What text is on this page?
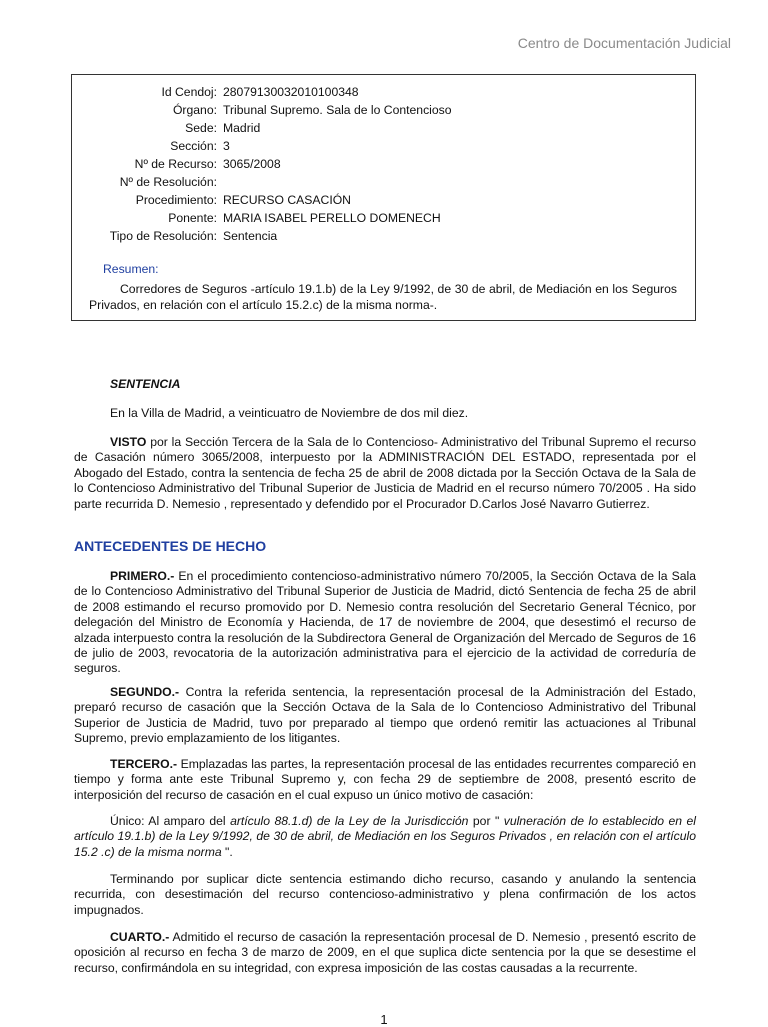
Centro de Documentación Judicial
Id Cendoj: 28079130032010100348
Órgano: Tribunal Supremo. Sala de lo Contencioso
Sede: Madrid
Sección: 3
Nº de Recurso: 3065/2008
Nº de Resolución:
Procedimiento: RECURSO CASACIÓN
Ponente: MARIA ISABEL PERELLO DOMENECH
Tipo de Resolución: Sentencia
Resumen:
Corredores de Seguros -artículo 19.1.b) de la Ley 9/1992, de 30 de abril, de Mediación en los Seguros Privados, en relación con el artículo 15.2.c) de la misma norma-.
SENTENCIA
En la Villa de Madrid, a veinticuatro de Noviembre de dos mil diez.
VISTO por la Sección Tercera de la Sala de lo Contencioso- Administrativo del Tribunal Supremo el recurso de Casación número 3065/2008, interpuesto por la ADMINISTRACIÓN DEL ESTADO, representada por el Abogado del Estado, contra la sentencia de fecha 25 de abril de 2008 dictada por la Sección Octava de la Sala de lo Contencioso Administrativo del Tribunal Superior de Justicia de Madrid en el recurso número 70/2005 . Ha sido parte recurrida D. Nemesio , representado y defendido por el Procurador D.Carlos José Navarro Gutierrez.
ANTECEDENTES DE HECHO
PRIMERO.- En el procedimiento contencioso-administrativo número 70/2005, la Sección Octava de la Sala de lo Contencioso Administrativo del Tribunal Superior de Justicia de Madrid, dictó Sentencia de fecha 25 de abril de 2008 estimando el recurso promovido por D. Nemesio contra resolución del Secretario General Técnico, por delegación del Ministro de Economía y Hacienda, de 17 de noviembre de 2004, que desestimó el recurso de alzada interpuesto contra la resolución de la Subdirectora General de Organización del Mercado de Seguros de 16 de julio de 2003, revocatoria de la autorización administrativa para el ejercicio de la actividad de correduría de seguros.
SEGUNDO.- Contra la referida sentencia, la representación procesal de la Administración del Estado, preparó recurso de casación que la Sección Octava de la Sala de lo Contencioso Administrativo del Tribunal Superior de Justicia de Madrid, tuvo por preparado al tiempo que ordenó remitir las actuaciones al Tribunal Supremo, previo emplazamiento de los litigantes.
TERCERO.- Emplazadas las partes, la representación procesal de las entidades recurrentes compareció en tiempo y forma ante este Tribunal Supremo y, con fecha 29 de septiembre de 2008, presentó escrito de interposición del recurso de casación en el cual expuso un único motivo de casación:
Único: Al amparo del artículo 88.1.d) de la Ley de la Jurisdicción por " vulneración de lo establecido en el artículo 19.1.b) de la Ley 9/1992, de 30 de abril, de Mediación en los Seguros Privados , en relación con el artículo 15.2 .c) de la misma norma ".
Terminando por suplicar dicte sentencia estimando dicho recurso, casando y anulando la sentencia recurrida, con desestimación del recurso contencioso-administrativo y plena confirmación de los actos impugnados.
CUARTO.- Admitido el recurso de casación la representación procesal de D. Nemesio , presentó escrito de oposición al recurso en fecha 3 de marzo de 2009, en el que suplica dicte sentencia por la que se desestime el recurso, confirmándola en su integridad, con expresa imposición de las costas causadas a la recurrente.
1
